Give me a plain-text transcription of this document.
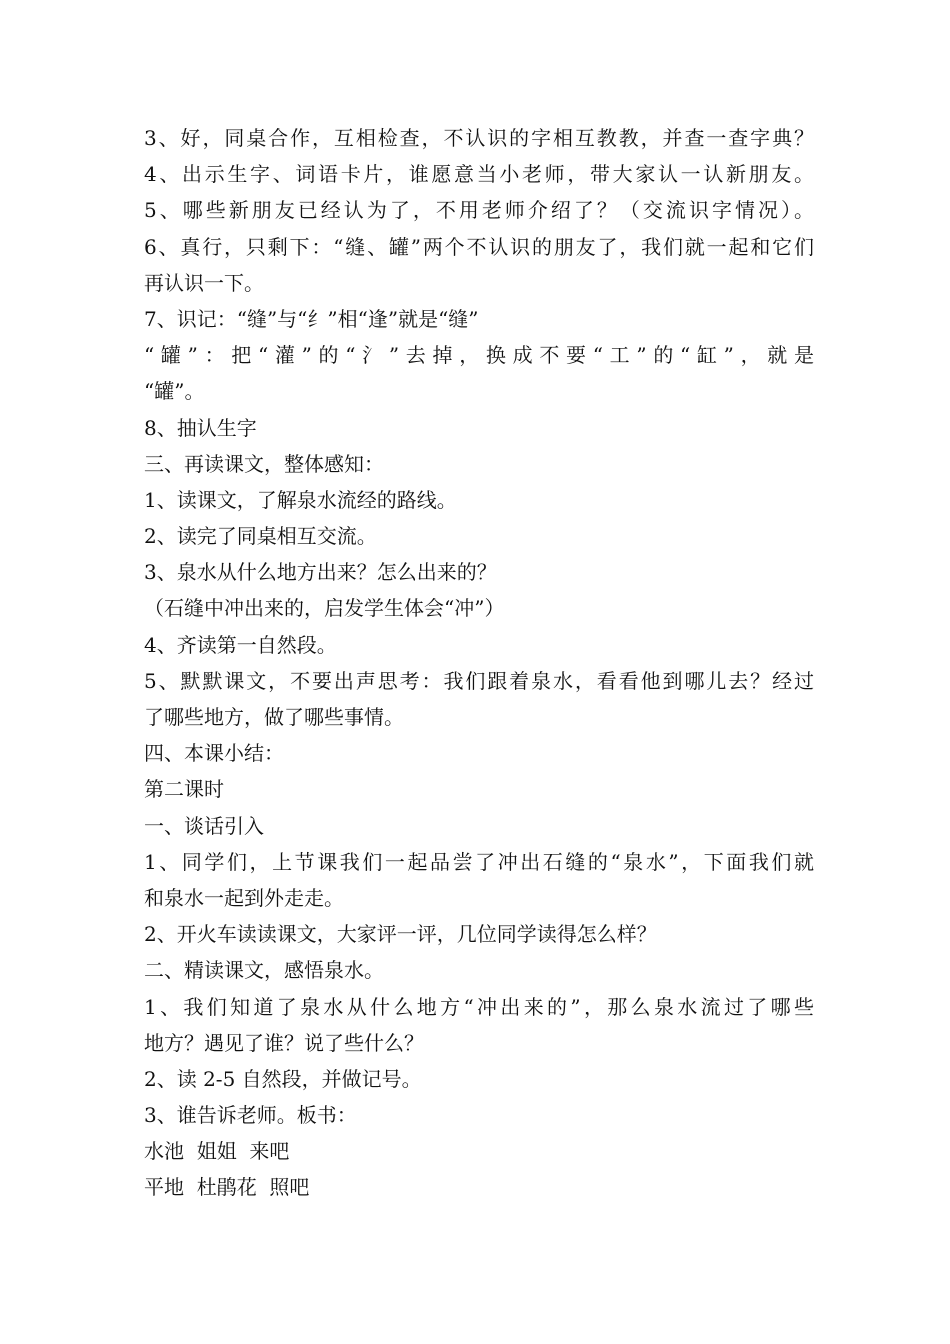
3、好，同桌合作，互相检查，不认识的字相互教教，并查一查字典？
4、出示生字、词语卡片，谁愿意当小老师，带大家认一认新朋友。
5、哪些新朋友已经认为了，不用老师介绍了？（交流识字情况）。
6、真行，只剩下：“缝、罐”两个不认识的朋友了，我们就一起和它们
再认识一下。
7、识记：“缝”与“纟”相“逢”就是“缝”
“罐”：把“灌”的“氵”去掉，换成不要“工”的“缸”，就是
“罐”。
8、抽认生字
三、再读课文，整体感知：
1、读课文，了解泉水流经的路线。
2、读完了同桌相互交流。
3、泉水从什么地方出来？怎么出来的？
（石缝中冲出来的，启发学生体会“冲”）
4、齐读第一自然段。
5、默默课文，不要出声思考：我们跟着泉水，看看他到哪儿去？经过
了哪些地方，做了哪些事情。
四、本课小结：
第二课时
一、谈话引入
1、同学们，上节课我们一起品尝了冲出石缝的“泉水”，下面我们就
和泉水一起到外走走。
2、开火车读读课文，大家评一评，几位同学读得怎么样？
二、精读课文，感悟泉水。
1、我们知道了泉水从什么地方“冲出来的”，那么泉水流过了哪些
地方？遇见了谁？说了些什么？
2、读 2-5 自然段，并做记号。
3、谁告诉老师。板书：
水池  姐姐  来吧
平地  杜鹃花  照吧
